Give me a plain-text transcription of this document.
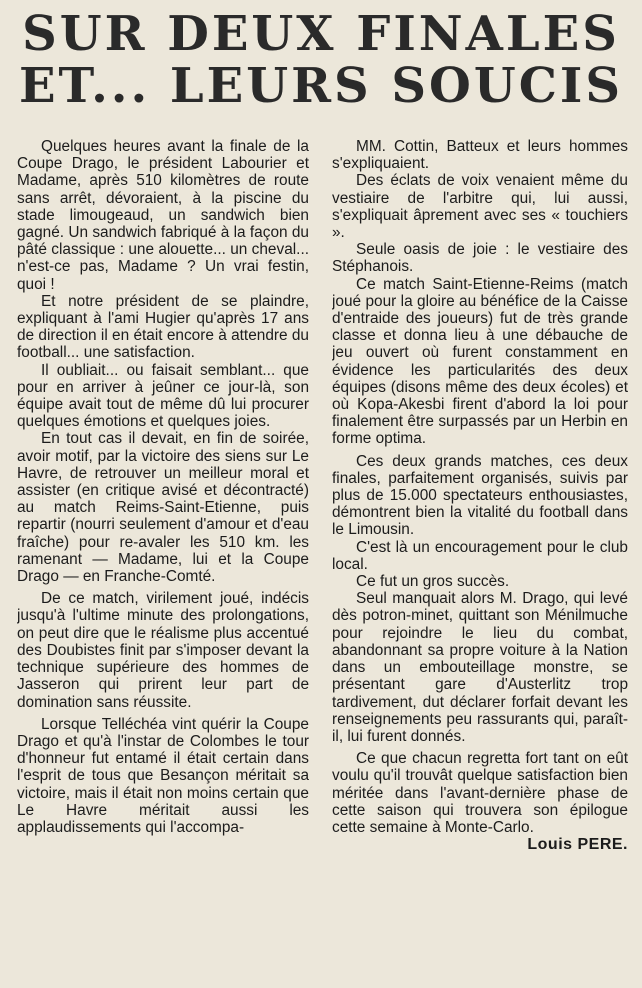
SUR DEUX FINALES
ET... LEURS SOUCIS

Quelques heures avant la finale de la Coupe Drago, le président Labourier et Madame, après 510 kilomètres de route sans arrêt, dévoraient, à la piscine du stade limougeaud, un sandwich bien gagné. Un sandwich fabriqué à la façon du pâté classique : une alouette... un cheval... n'est-ce pas, Madame ? Un vrai festin, quoi !

Et notre président de se plaindre, expliquant à l'ami Hugier qu'après 17 ans de direction il en était encore à attendre du football... une satisfaction.

Il oubliait... ou faisait semblant... que pour en arriver à jeûner ce jour-là, son équipe avait tout de même dû lui procurer quelques émotions et quelques joies.

En tout cas il devait, en fin de soirée, avoir motif, par la victoire des siens sur Le Havre, de retrouver un meilleur moral et assister (en critique avisé et décontracté) au match Reims-Saint-Etienne, puis repartir (nourri seulement d'amour et d'eau fraîche) pour re-avaler les 510 km. les ramenant — Madame, lui et la Coupe Drago — en Franche-Comté.

De ce match, virilement joué, indécis jusqu'à l'ultime minute des prolongations, on peut dire que le réalisme plus accentué des Doubistes finit par s'imposer devant la technique supérieure des hommes de Jasseron qui prirent leur part de domination sans réussite.

Lorsque Telléchéa vint quérir la Coupe Drago et qu'à l'instar de Colombes le tour d'honneur fut entamé il était certain dans l'esprit de tous que Besançon méritait sa victoire, mais il était non moins certain que Le Havre méritait aussi les applaudissements qui l'accompa-

MM. Cottin, Batteux et leurs hommes s'expliquaient.

Des éclats de voix venaient même du vestiaire de l'arbitre qui, lui aussi, s'expliquait âprement avec ses « touchiers ».

Seule oasis de joie : le vestiaire des Stéphanois.

Ce match Saint-Etienne-Reims (match joué pour la gloire au bénéfice de la Caisse d'entraide des joueurs) fut de très grande classe et donna lieu à une débauche de jeu ouvert où furent constamment en évidence les particularités des deux équipes (disons même des deux écoles) et où Kopa-Akesbi firent d'abord la loi pour finalement être surpassés par un Herbin en forme optima.

Ces deux grands matches, ces deux finales, parfaitement organisés, suivis par plus de 15.000 spectateurs enthousiastes, démontrent bien la vitalité du football dans le Limousin.

C'est là un encouragement pour le club local.

Ce fut un gros succès.

Seul manquait alors M. Drago, qui levé dès potron-minet, quittant son Ménilmuche pour rejoindre le lieu du combat, abandonnant sa propre voiture à la Nation dans un embouteillage monstre, se présentant gare d'Austerlitz trop tardivement, dut déclarer forfait devant les renseignements peu rassurants qui, paraît-il, lui furent donnés.

Ce que chacun regretta fort tant on eût voulu qu'il trouvât quelque satisfaction bien méritée dans l'avant-dernière phase de cette saison qui trouvera son épilogue cette semaine à Monte-Carlo.

Louis PERE.
